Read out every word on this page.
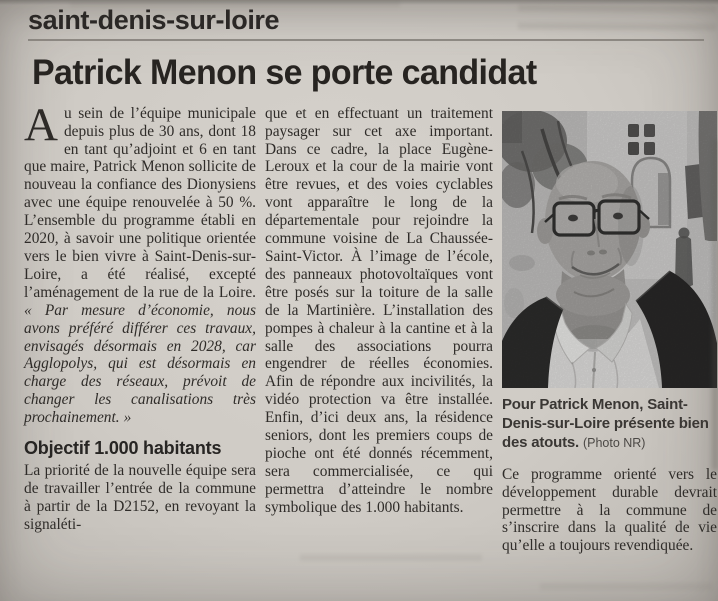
saint-denis-sur-loire
Patrick Menon se porte candidat

Au sein de l’équipe municipale depuis plus de 30 ans, dont 18 en tant qu’adjoint et 6 en tant que maire, Patrick Menon sollicite de nouveau la confiance des Dionysiens avec une équipe renouvelée à 50 %. L’ensemble du programme établi en 2020, à savoir une politique orientée vers le bien vivre à Saint-Denis-sur-Loire, a été réalisé, excepté l’aménagement de la rue de la Loire. « Par mesure d’économie, nous avons préféré différer ces travaux, envisagés désormais en 2028, car Agglopolys, qui est désormais en charge des réseaux, prévoit de changer les canalisations très prochainement. »

Objectif 1.000 habitants

La priorité de la nouvelle équipe sera de travailler l’entrée de la commune à partir de la D2152, en revoyant la signaléti-

que et en effectuant un traitement paysager sur cet axe important. Dans ce cadre, la place Eugène-Leroux et la cour de la mairie vont être revues, et des voies cyclables vont apparaître le long de la départementale pour rejoindre la commune voisine de La Chaussée-Saint-Victor. À l’image de l’école, des panneaux photovoltaïques vont être posés sur la toiture de la salle de la Martinière. L’installation des pompes à chaleur à la cantine et à la salle des associations pourra engendrer de réelles économies. Afin de répondre aux incivilités, la vidéo protection va être installée. Enfin, d’ici deux ans, la résidence seniors, dont les premiers coups de pioche ont été donnés récemment, sera commercialisée, ce qui permettra d’atteindre le nombre symbolique des 1.000 habitants.

Pour Patrick Menon, Saint-Denis-sur-Loire présente bien des atouts. (Photo NR)

Ce programme orienté vers le développement durable devrait permettre à la commune de s’inscrire dans la qualité de vie qu’elle a toujours revendiquée.
